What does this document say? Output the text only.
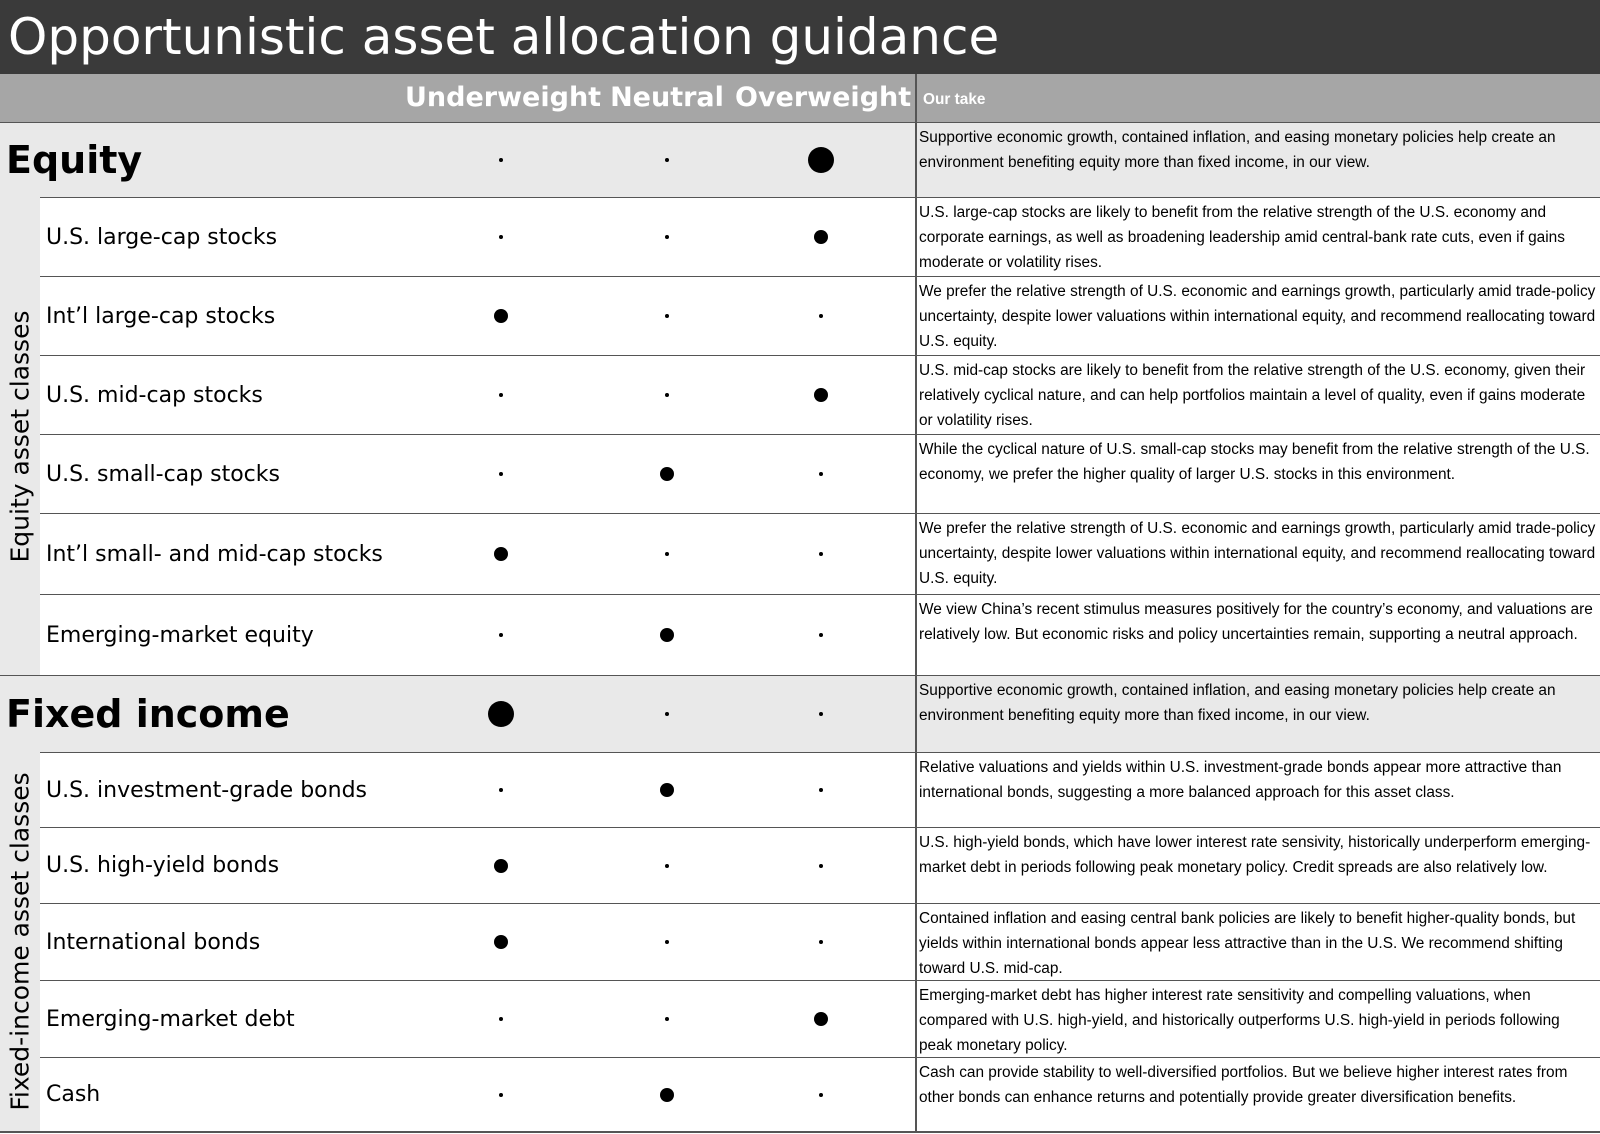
Opportunistic asset allocation guidance
Underweight Neutral Overweight Our take
Equity
Supportive economic growth, contained inflation, and easing monetary policies help create an environment benefiting equity more than fixed income, in our view.
U.S. large-cap stocks
U.S. large-cap stocks are likely to benefit from the relative strength of the U.S. economy and corporate earnings, as well as broadening leadership amid central-bank rate cuts, even if gains moderate or volatility rises.
Int’l large-cap stocks
We prefer the relative strength of U.S. economic and earnings growth, particularly amid trade-policy uncertainty, despite lower valuations within international equity, and recommend reallocating toward U.S. equity.
U.S. mid-cap stocks
U.S. mid-cap stocks are likely to benefit from the relative strength of the U.S. economy, given their relatively cyclical nature, and can help portfolios maintain a level of quality, even if gains moderate or volatility rises.
U.S. small-cap stocks
While the cyclical nature of U.S. small-cap stocks may benefit from the relative strength of the U.S. economy, we prefer the higher quality of larger U.S. stocks in this environment.
Int’l small- and mid-cap stocks
We prefer the relative strength of U.S. economic and earnings growth, particularly amid trade-policy uncertainty, despite lower valuations within international equity, and recommend reallocating toward U.S. equity.
Emerging-market equity
We view China’s recent stimulus measures positively for the country’s economy, and valuations are relatively low. But economic risks and policy uncertainties remain, supporting a neutral approach.
Fixed income
Supportive economic growth, contained inflation, and easing monetary policies help create an environment benefiting equity more than fixed income, in our view.
U.S. investment-grade bonds
Relative valuations and yields within U.S. investment-grade bonds appear more attractive than international bonds, suggesting a more balanced approach for this asset class.
U.S. high-yield bonds
U.S. high-yield bonds, which have lower interest rate sensivity, historically underperform emerging-market debt in periods following peak monetary policy. Credit spreads are also relatively low.
International bonds
Contained inflation and easing central bank policies are likely to benefit higher-quality bonds, but yields within international bonds appear less attractive than in the U.S. We recommend shifting toward U.S. mid-cap.
Emerging-market debt
Emerging-market debt has higher interest rate sensitivity and compelling valuations, when compared with U.S. high-yield, and historically outperforms U.S. high-yield in periods following peak monetary policy.
Cash
Cash can provide stability to well-diversified portfolios. But we believe higher interest rates from other bonds can enhance returns and potentially provide greater diversification benefits.
Equity asset classes
Fixed-income asset classes
